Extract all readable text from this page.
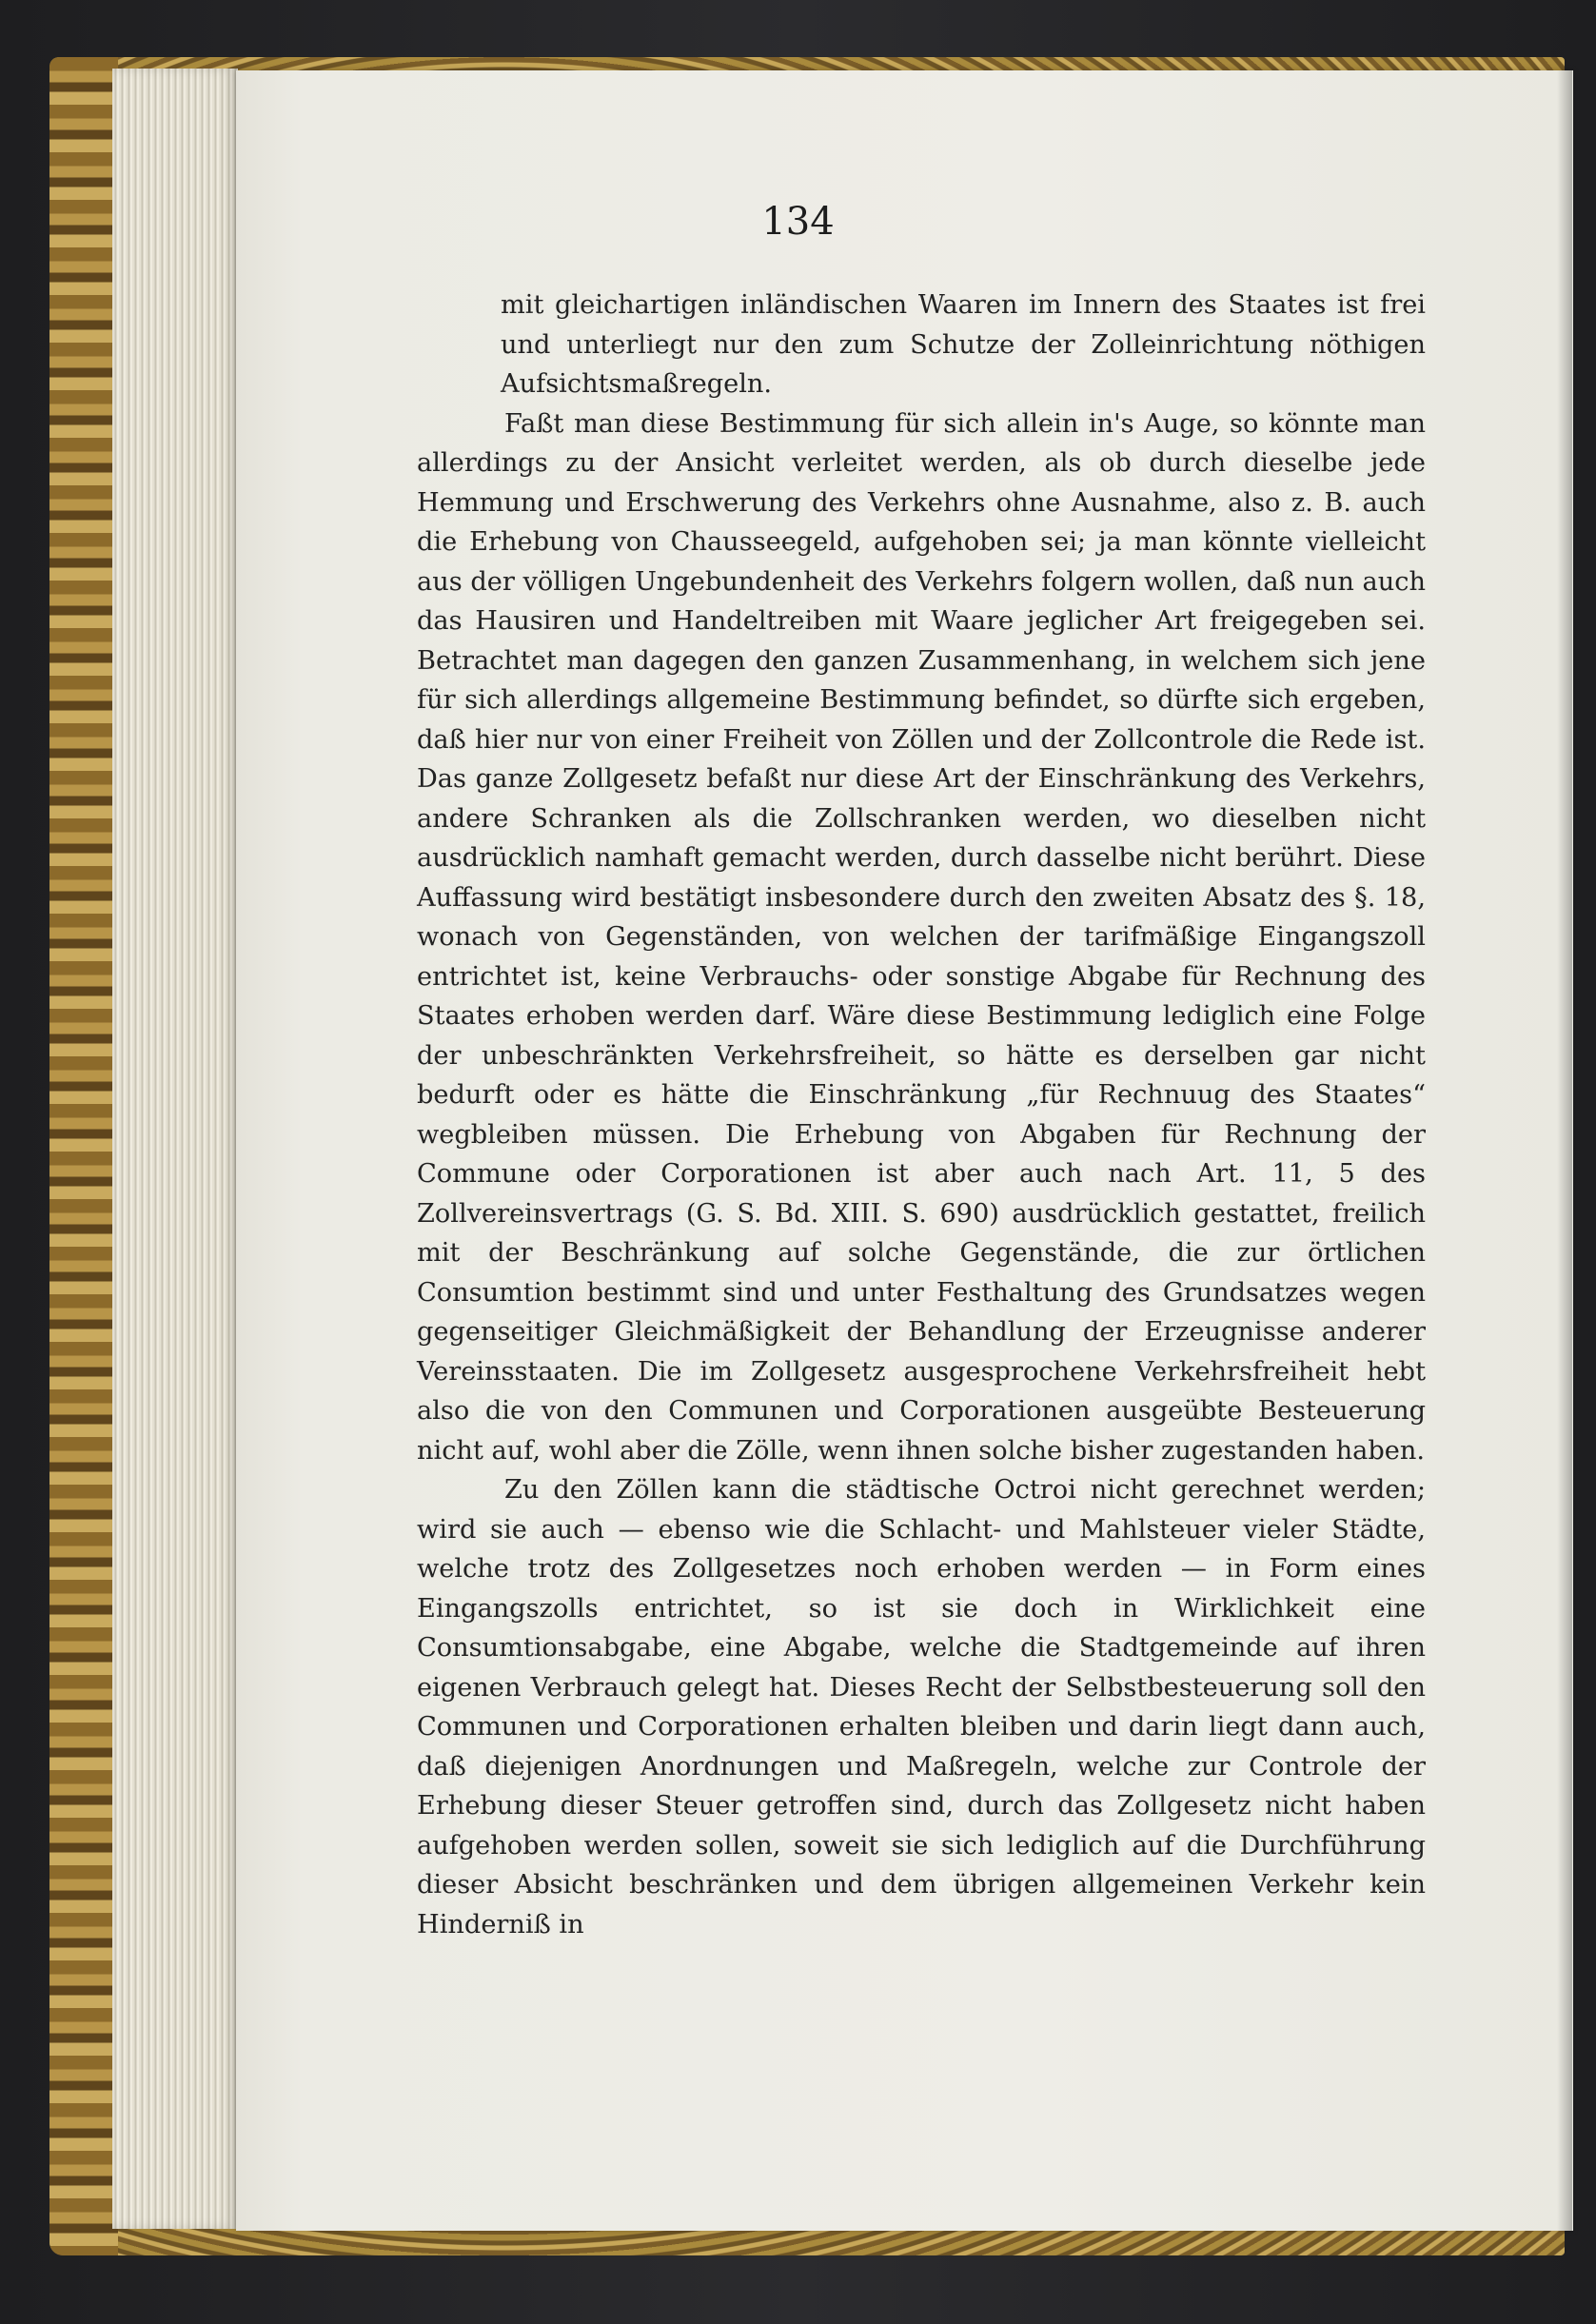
134

mit gleichartigen inländischen Waaren im Innern des Staates ist frei und unterliegt nur den zum Schutze der Zolleinrichtung nöthigen Aufsichtsmaßregeln.

Faßt man diese Bestimmung für sich allein in's Auge, so könnte man allerdings zu der Ansicht verleitet werden, als ob durch dieselbe jede Hemmung und Erschwerung des Verkehrs ohne Ausnahme, also z. B. auch die Erhebung von Chausseegeld, aufgehoben sei; ja man könnte vielleicht aus der völligen Ungebundenheit des Verkehrs folgern wollen, daß nun auch das Hausiren und Handeltreiben mit Waare jeglicher Art freigegeben sei. Betrachtet man dagegen den ganzen Zusammenhang, in welchem sich jene für sich allerdings allgemeine Bestimmung befindet, so dürfte sich ergeben, daß hier nur von einer Freiheit von Zöllen und der Zollcontrole die Rede ist. Das ganze Zollgesetz befaßt nur diese Art der Einschränkung des Verkehrs, andere Schranken als die Zollschranken werden, wo dieselben nicht ausdrücklich namhaft gemacht werden, durch dasselbe nicht berührt. Diese Auffassung wird bestätigt insbesondere durch den zweiten Absatz des §. 18, wonach von Gegenständen, von welchen der tarifmäßige Eingangszoll entrichtet ist, keine Verbrauchs- oder sonstige Abgabe für Rechnung des Staates erhoben werden darf. Wäre diese Bestimmung lediglich eine Folge der unbeschränkten Verkehrsfreiheit, so hätte es derselben gar nicht bedurft oder es hätte die Einschränkung „für Rechnuug des Staates“ wegbleiben müssen. Die Erhebung von Abgaben für Rechnung der Commune oder Corporationen ist aber auch nach Art. 11, 5 des Zollvereinsvertrags (G. S. Bd. XIII. S. 690) ausdrücklich gestattet, freilich mit der Beschränkung auf solche Gegenstände, die zur örtlichen Consumtion bestimmt sind und unter Festhaltung des Grundsatzes wegen gegenseitiger Gleichmäßigkeit der Behandlung der Erzeugnisse anderer Vereinsstaaten. Die im Zollgesetz ausgesprochene Verkehrsfreiheit hebt also die von den Communen und Corporationen ausgeübte Besteuerung nicht auf, wohl aber die Zölle, wenn ihnen solche bisher zugestanden haben.

Zu den Zöllen kann die städtische Octroi nicht gerechnet werden; wird sie auch — ebenso wie die Schlacht- und Mahlsteuer vieler Städte, welche trotz des Zollgesetzes noch erhoben werden — in Form eines Eingangszolls entrichtet, so ist sie doch in Wirklichkeit eine Consumtionsabgabe, eine Abgabe, welche die Stadtgemeinde auf ihren eigenen Verbrauch gelegt hat. Dieses Recht der Selbstbesteuerung soll den Communen und Corporationen erhalten bleiben und darin liegt dann auch, daß diejenigen Anordnungen und Maßregeln, welche zur Controle der Erhebung dieser Steuer getroffen sind, durch das Zollgesetz nicht haben aufgehoben werden sollen, soweit sie sich lediglich auf die Durchführung dieser Absicht beschränken und dem übrigen allgemeinen Verkehr kein Hinderniß in
